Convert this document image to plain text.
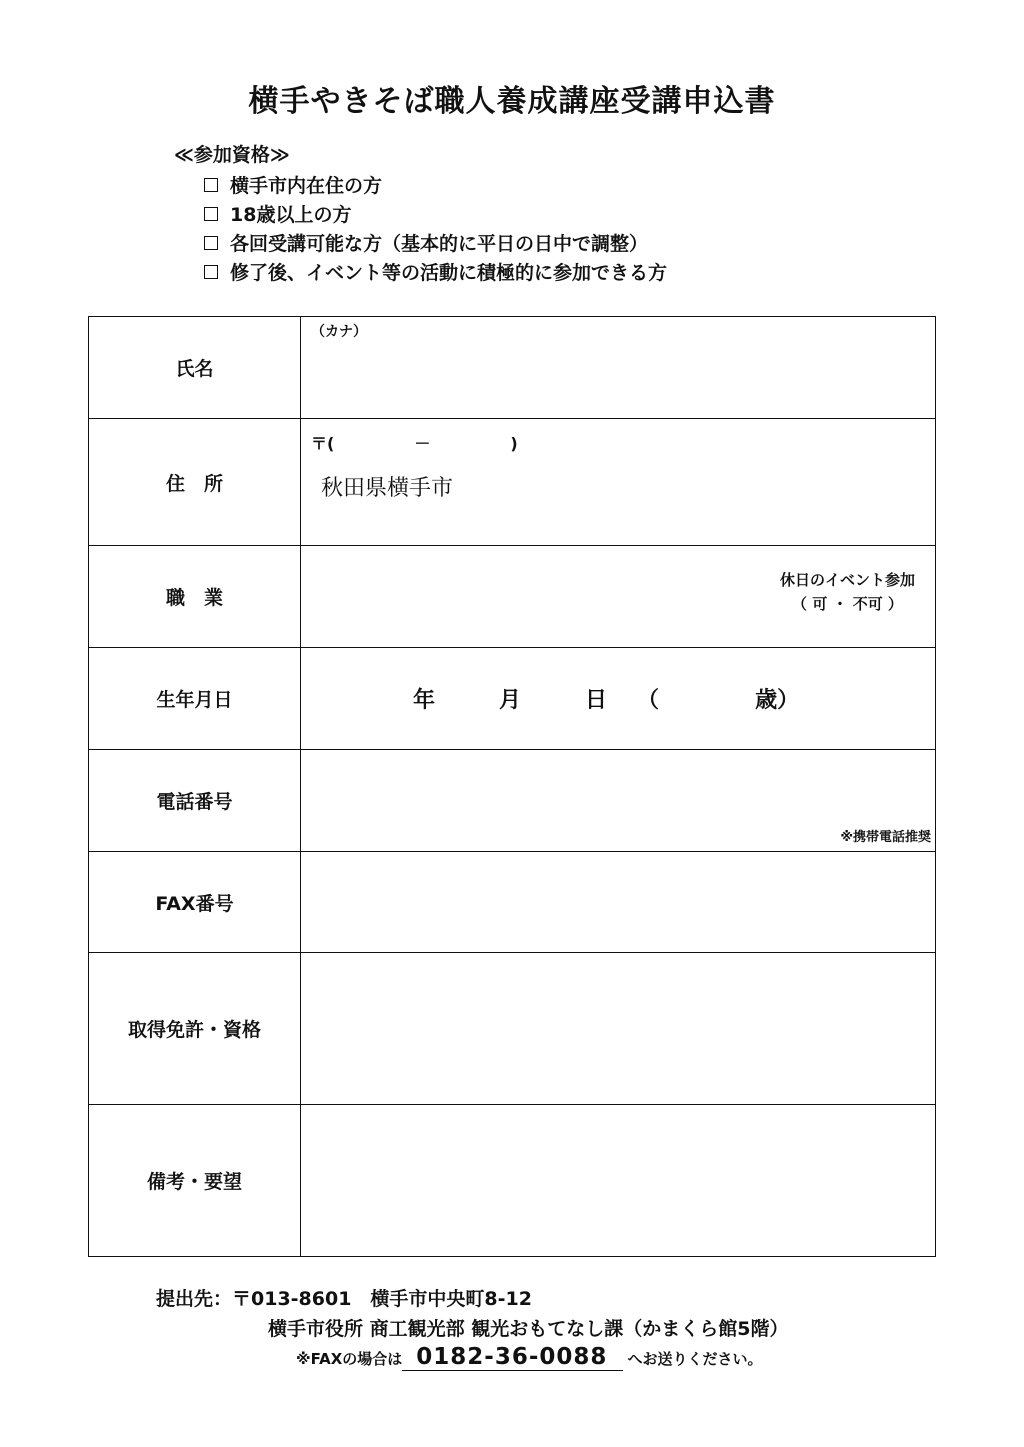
横手やきそば職人養成講座受講申込書
≪参加資格≫
横手市内在住の方
18歳以上の方
各回受講可能な方（基本的に平日の日中で調整）
修了後、イベント等の活動に積極的に参加できる方
氏名	（カナ）

住　所	〒(　　　　　－　　　　　)
秋田県横手市

職　業	休日のイベント参加
（ 可 ・ 不可 ）

生年月日	年 月 日 （ 歳）

電話番号	※携帯電話推奨

FAX番号	
取得免許・資格	
備考・要望	
提出先：〒013-8601　横手市中央町8-12
横手市役所 商工観光部 観光おもてなし課（かまくら館5階）
※FAXの場合は 0182-36-0088	へお送りください。
